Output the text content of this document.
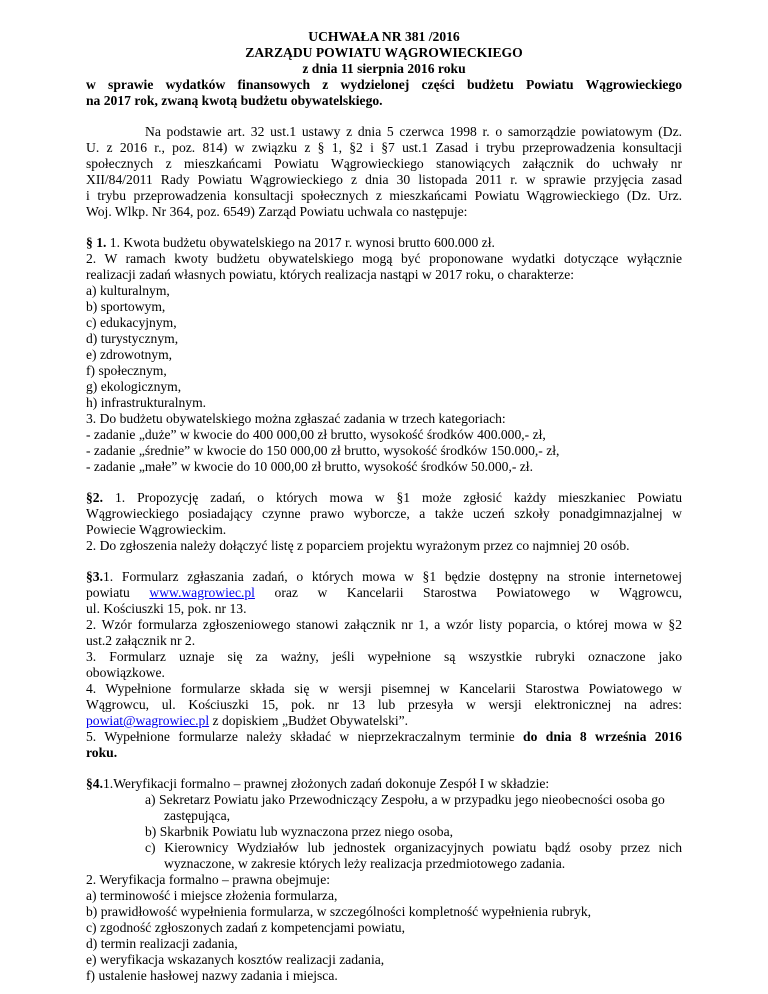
UCHWAŁA NR 381 /2016
ZARZĄDU POWIATU WĄGROWIECKIEGO
z dnia 11 sierpnia 2016 roku
w sprawie wydatków finansowych z wydzielonej części budżetu Powiatu Wągrowieckiego
na 2017 rok, zwaną kwotą budżetu obywatelskiego.
Na podstawie art. 32 ust.1 ustawy z dnia 5 czerwca 1998 r. o samorządzie powiatowym (Dz.
U. z 2016 r., poz. 814) w związku z § 1, §2 i §7 ust.1 Zasad i trybu przeprowadzenia konsultacji
społecznych z mieszkańcami Powiatu Wągrowieckiego stanowiących załącznik do uchwały nr
XII/84/2011 Rady Powiatu Wągrowieckiego z dnia 30 listopada 2011 r. w sprawie przyjęcia zasad
i trybu przeprowadzenia konsultacji społecznych z mieszkańcami Powiatu Wągrowieckiego (Dz. Urz.
Woj. Wlkp. Nr 364, poz. 6549) Zarząd Powiatu uchwala co następuje:
§ 1. 1. Kwota budżetu obywatelskiego na 2017 r. wynosi brutto 600.000 zł.
2. W ramach kwoty budżetu obywatelskiego mogą być proponowane wydatki dotyczące wyłącznie
realizacji zadań własnych powiatu, których realizacja nastąpi w 2017 roku, o charakterze:
a) kulturalnym,
b) sportowym,
c) edukacyjnym,
d) turystycznym,
e) zdrowotnym,
f) społecznym,
g) ekologicznym,
h) infrastrukturalnym.
3. Do budżetu obywatelskiego można zgłaszać zadania w trzech kategoriach:
- zadanie „duże” w kwocie do 400 000,00 zł brutto, wysokość środków 400.000,- zł,
- zadanie „średnie” w kwocie do 150 000,00 zł brutto, wysokość środków 150.000,- zł,
- zadanie „małe” w kwocie do 10 000,00 zł brutto, wysokość środków 50.000,- zł.
§2. 1. Propozycję zadań, o których mowa w §1 może zgłosić każdy mieszkaniec Powiatu
Wągrowieckiego posiadający czynne prawo wyborcze, a także uczeń szkoły ponadgimnazjalnej w
Powiecie Wągrowieckim.
2. Do zgłoszenia należy dołączyć listę z poparciem projektu wyrażonym przez co najmniej 20 osób.
§3.1. Formularz zgłaszania zadań, o których mowa w §1 będzie dostępny na stronie internetowej
powiatu www.wagrowiec.pl oraz w Kancelarii Starostwa Powiatowego w Wągrowcu,
ul. Kościuszki 15, pok. nr 13.
2. Wzór formularza zgłoszeniowego stanowi załącznik nr 1, a wzór listy poparcia, o której mowa w §2
ust.2 załącznik nr 2.
3. Formularz uznaje się za ważny, jeśli wypełnione są wszystkie rubryki oznaczone jako
obowiązkowe.
4. Wypełnione formularze składa się w wersji pisemnej w Kancelarii Starostwa Powiatowego w
Wągrowcu, ul. Kościuszki 15, pok. nr 13 lub przesyła w wersji elektronicznej na adres:
powiat@wagrowiec.pl z dopiskiem „Budżet Obywatelski”.
5. Wypełnione formularze należy składać w nieprzekraczalnym terminie do dnia 8 września 2016
roku.
§4.1.Weryfikacji formalno – prawnej złożonych zadań dokonuje Zespół I w składzie:
a) Sekretarz Powiatu jako Przewodniczący Zespołu, a w przypadku jego nieobecności osoba go
zastępująca,
b) Skarbnik Powiatu lub wyznaczona przez niego osoba,
c) Kierownicy Wydziałów lub jednostek organizacyjnych powiatu bądź osoby przez nich
wyznaczone, w zakresie których leży realizacja przedmiotowego zadania.
2. Weryfikacja formalno – prawna obejmuje:
a) terminowość i miejsce złożenia formularza,
b) prawidłowość wypełnienia formularza, w szczególności kompletność wypełnienia rubryk,
c) zgodność zgłoszonych zadań z kompetencjami powiatu,
d) termin realizacji zadania,
e) weryfikacja wskazanych kosztów realizacji zadania,
f) ustalenie hasłowej nazwy zadania i miejsca.
